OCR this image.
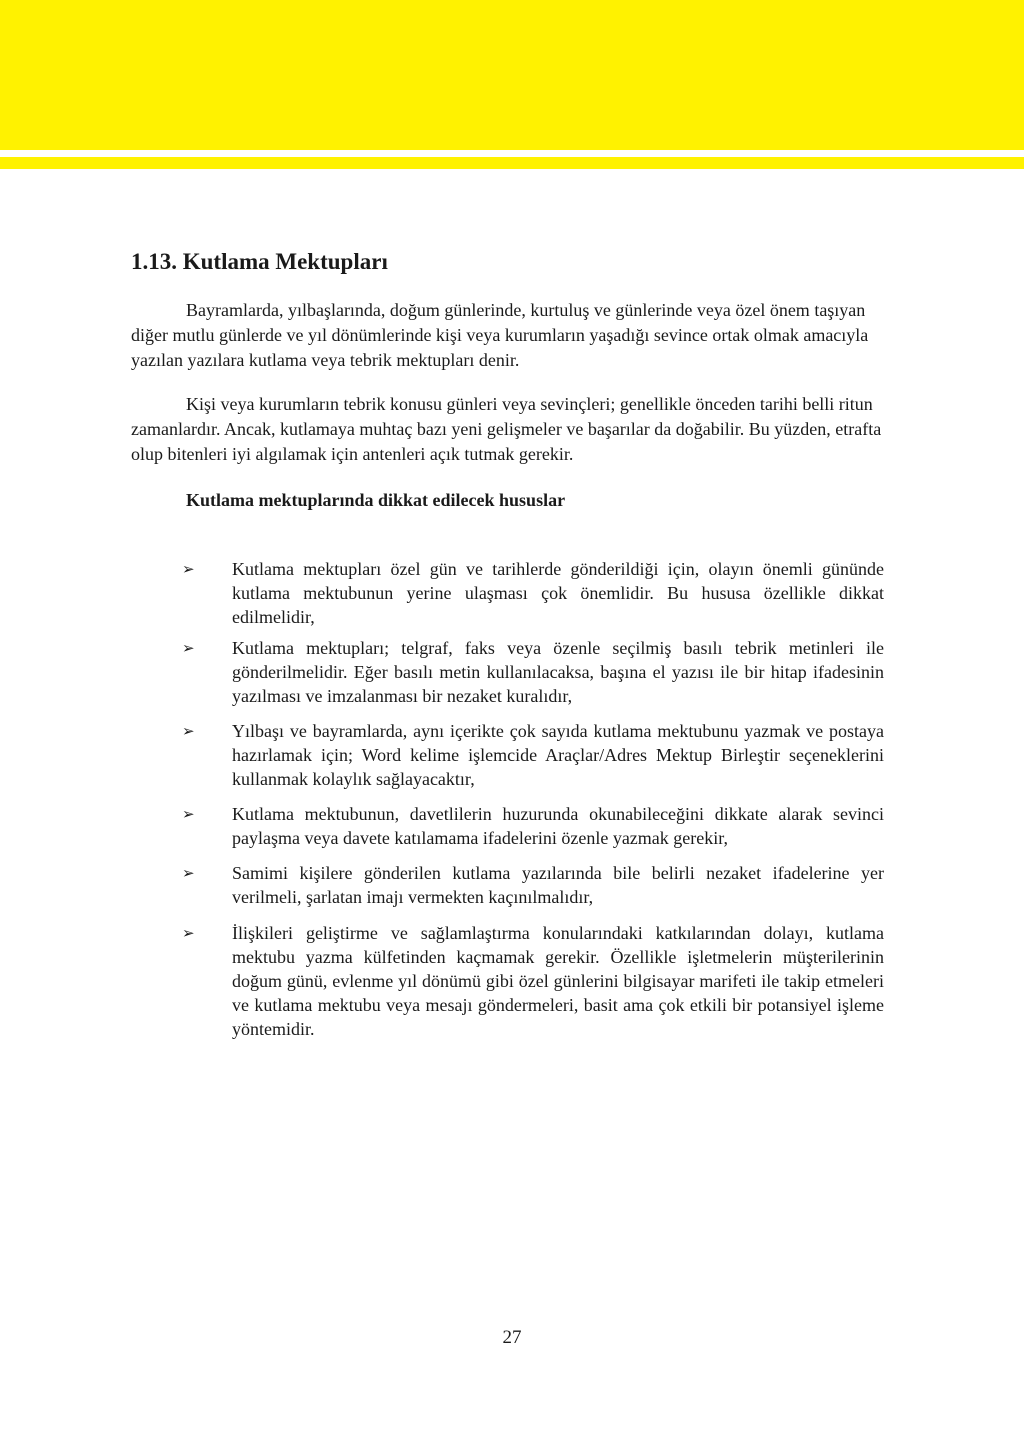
1.13. Kutlama Mektupları

Bayramlarda, yılbaşlarında, doğum günlerinde, kurtuluş ve günlerinde veya özel önem taşıyan diğer mutlu günlerde ve yıl dönümlerinde kişi veya kurumların yaşadığı sevince ortak olmak amacıyla yazılan yazılara kutlama veya tebrik mektupları denir.

Kişi veya kurumların tebrik konusu günleri veya sevinçleri; genellikle önceden tarihi belli ritun zamanlardır. Ancak, kutlamaya muhtaç bazı yeni gelişmeler ve başarılar da doğabilir. Bu yüzden, etrafta olup bitenleri iyi algılamak için antenleri açık tutmak gerekir.

Kutlama mektuplarında dikkat edilecek hususlar

➢ Kutlama mektupları özel gün ve tarihlerde gönderildiği için, olayın önemli gününde kutlama mektubunun yerine ulaşması çok önemlidir. Bu hususa özellikle dikkat edilmelidir,

➢ Kutlama mektupları; telgraf, faks veya özenle seçilmiş basılı tebrik metinleri ile gönderilmelidir. Eğer basılı metin kullanılacaksa, başına el yazısı ile bir hitap ifadesinin yazılması ve imzalanması bir nezaket kuralıdır,

➢ Yılbaşı ve bayramlarda, aynı içerikte çok sayıda kutlama mektubunu yazmak ve postaya hazırlamak için; Word kelime işlemcide Araçlar/Adres Mektup Birleştir seçeneklerini kullanmak kolaylık sağlayacaktır,

➢ Kutlama mektubunun, davetlilerin huzurunda okunabileceğini dikkate alarak sevinci paylaşma veya davete katılamama ifadelerini özenle yazmak gerekir,

➢ Samimi kişilere gönderilen kutlama yazılarında bile belirli nezaket ifadelerine yer verilmeli, şarlatan imajı vermekten kaçınılmalıdır,

➢ İlişkileri geliştirme ve sağlamlaştırma konularındaki katkılarından dolayı, kutlama mektubu yazma külfetinden kaçmamak gerekir. Özellikle işletmelerin müşterilerinin doğum günü, evlenme yıl dönümü gibi özel günlerini bilgisayar marifeti ile takip etmeleri ve kutlama mektubu veya mesajı göndermeleri, basit ama çok etkili bir potansiyel işleme yöntemidir.

27
